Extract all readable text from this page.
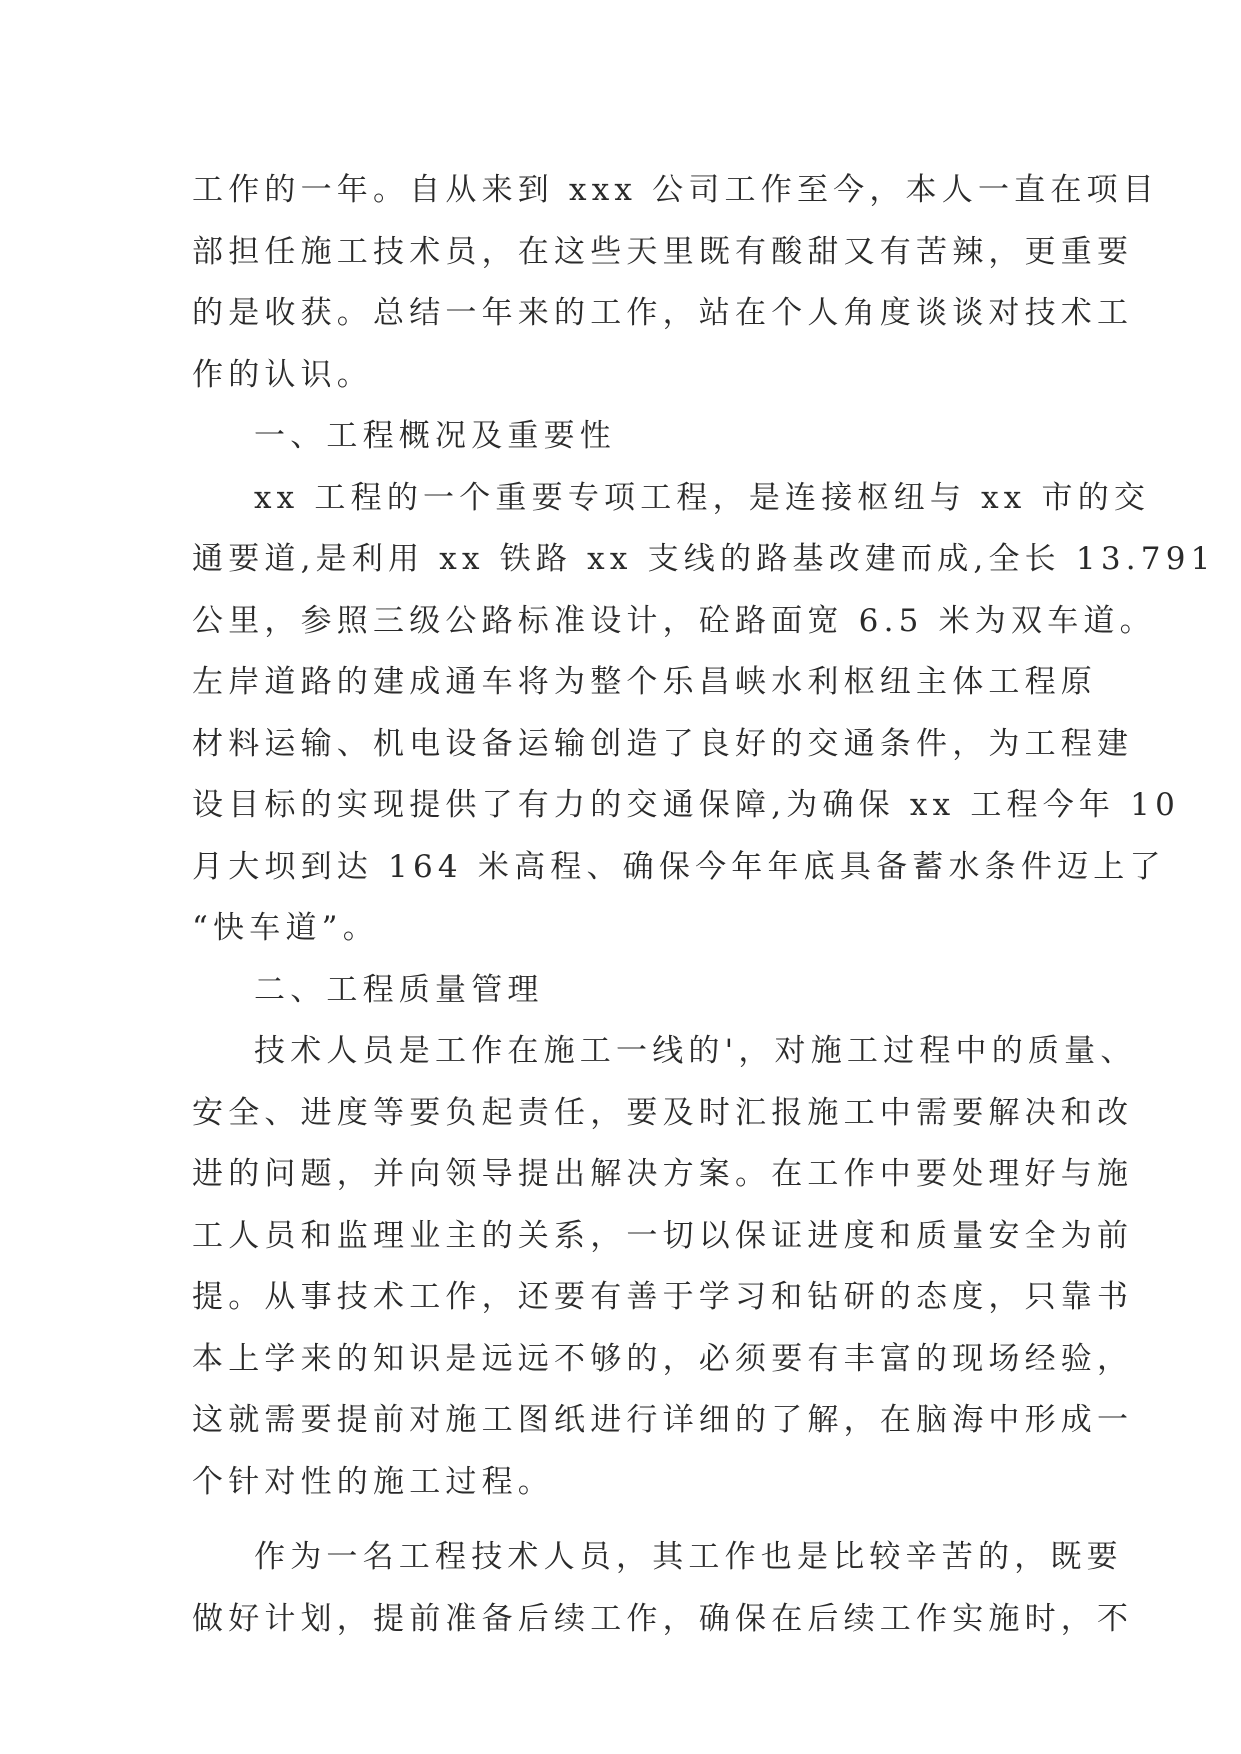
工作的一年。自从来到 xxx 公司工作至今，本人一直在项目
部担任施工技术员，在这些天里既有酸甜又有苦辣，更重要
的是收获。总结一年来的工作，站在个人角度谈谈对技术工
作的认识。
一、工程概况及重要性
xx 工程的一个重要专项工程，是连接枢纽与 xx 市的交
通要道,是利用 xx 铁路 xx 支线的路基改建而成,全长 13.791
公里，参照三级公路标准设计，砼路面宽 6.5 米为双车道。
左岸道路的建成通车将为整个乐昌峡水利枢纽主体工程原
材料运输、机电设备运输创造了良好的交通条件，为工程建
设目标的实现提供了有力的交通保障,为确保 xx 工程今年 10
月大坝到达 164 米高程、确保今年年底具备蓄水条件迈上了
“快车道”。
二、工程质量管理
技术人员是工作在施工一线的'，对施工过程中的质量、
安全、进度等要负起责任，要及时汇报施工中需要解决和改
进的问题，并向领导提出解决方案。在工作中要处理好与施
工人员和监理业主的关系，一切以保证进度和质量安全为前
提。从事技术工作，还要有善于学习和钻研的态度，只靠书
本上学来的知识是远远不够的，必须要有丰富的现场经验，
这就需要提前对施工图纸进行详细的了解，在脑海中形成一
个针对性的施工过程。
作为一名工程技术人员，其工作也是比较辛苦的，既要
做好计划，提前准备后续工作，确保在后续工作实施时，不
